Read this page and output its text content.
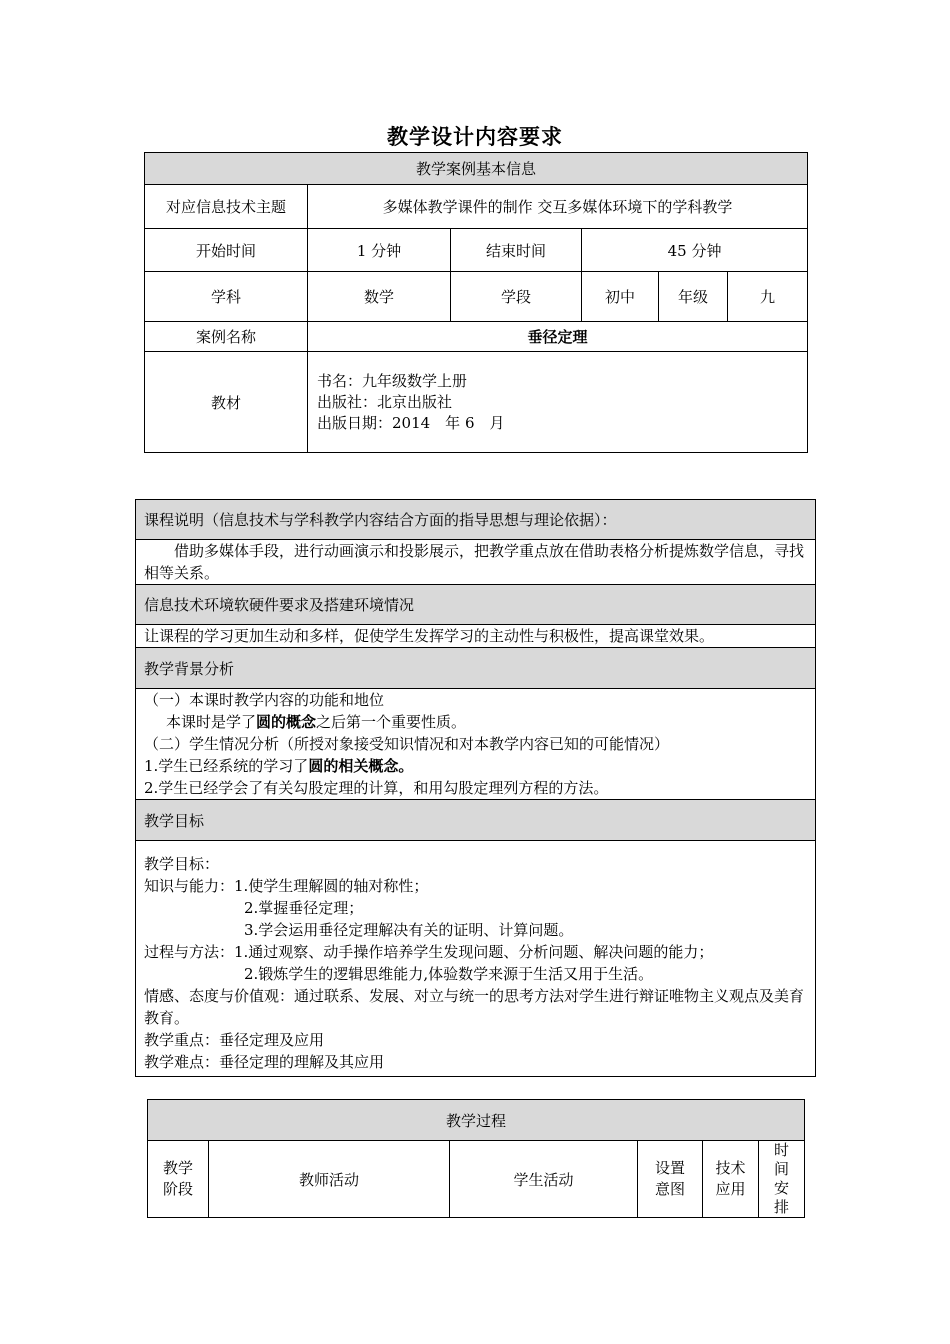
教学设计内容要求
教学案例基本信息					
对应信息技术主题	多媒体教学课件的制作 交互多媒体环境下的学科教学				
开始时间	1 分钟	结束时间	45 分钟		
学科	数学	学段	初中	年级	九
案例名称	垂径定理				
教材	书名：九年级数学上册
出版社：北京出版社
出版日期：2014　年 6　月				
课程说明（信息技术与学科教学内容结合方面的指导思想与理论依据）：
借助多媒体手段，进行动画演示和投影展示，把教学重点放在借助表格分析提炼数学信息，寻找相等关系。
信息技术环境软硬件要求及搭建环境情况
让课程的学习更加生动和多样，促使学生发挥学习的主动性与积极性，提高课堂效果。
教学背景分析

（一）本课时教学内容的功能和地位
本课时是学了圆的概念之后第一个重要性质。
（二）学生情况分析（所授对象接受知识情况和对本教学内容已知的可能情况）
1.学生已经系统的学习了圆的相关概念。
2.学生已经学会了有关勾股定理的计算，和用勾股定理列方程的方法。

教学目标

教学目标：
知识与能力：1.使学生理解圆的轴对称性；
2.掌握垂径定理；
3.学会运用垂径定理解决有关的证明、计算问题。
过程与方法：1.通过观察、动手操作培养学生发现问题、分析问题、解决问题的能力；
2.锻炼学生的逻辑思维能力,体验数学来源于生活又用于生活。
情感、态度与价值观：通过联系、发展、对立与统一的思考方法对学生进行辩证唯物主义观点及美育教育。
教学重点：垂径定理及应用
教学难点：垂径定理的理解及其应用
教学过程
教学阶段	教师活动	学生活动	设置意图	技术应用	时间安排
